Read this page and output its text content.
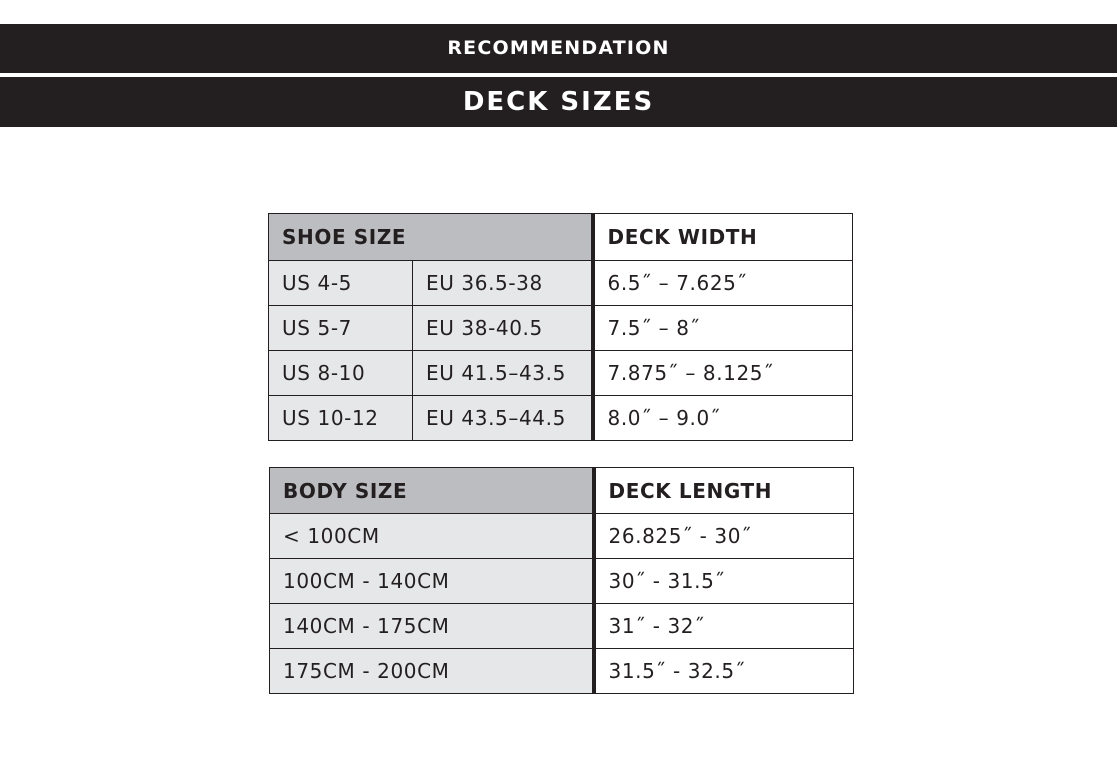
RECOMMENDATION
DECK SIZES
SHOE SIZE		DECK WIDTH
US 4-5	EU 36.5-38	6.5˝ – 7.625˝
US 5-7	EU 38-40.5	7.5˝ – 8˝
US 8-10	EU 41.5–43.5	7.875˝ – 8.125˝
US 10-12	EU 43.5–44.5	8.0˝ – 9.0˝
BODY SIZE	DECK LENGTH
< 100CM	26.825˝ - 30˝
100CM - 140CM	30˝ - 31.5˝
140CM - 175CM	31˝ - 32˝
175CM - 200CM	31.5˝ - 32.5˝
